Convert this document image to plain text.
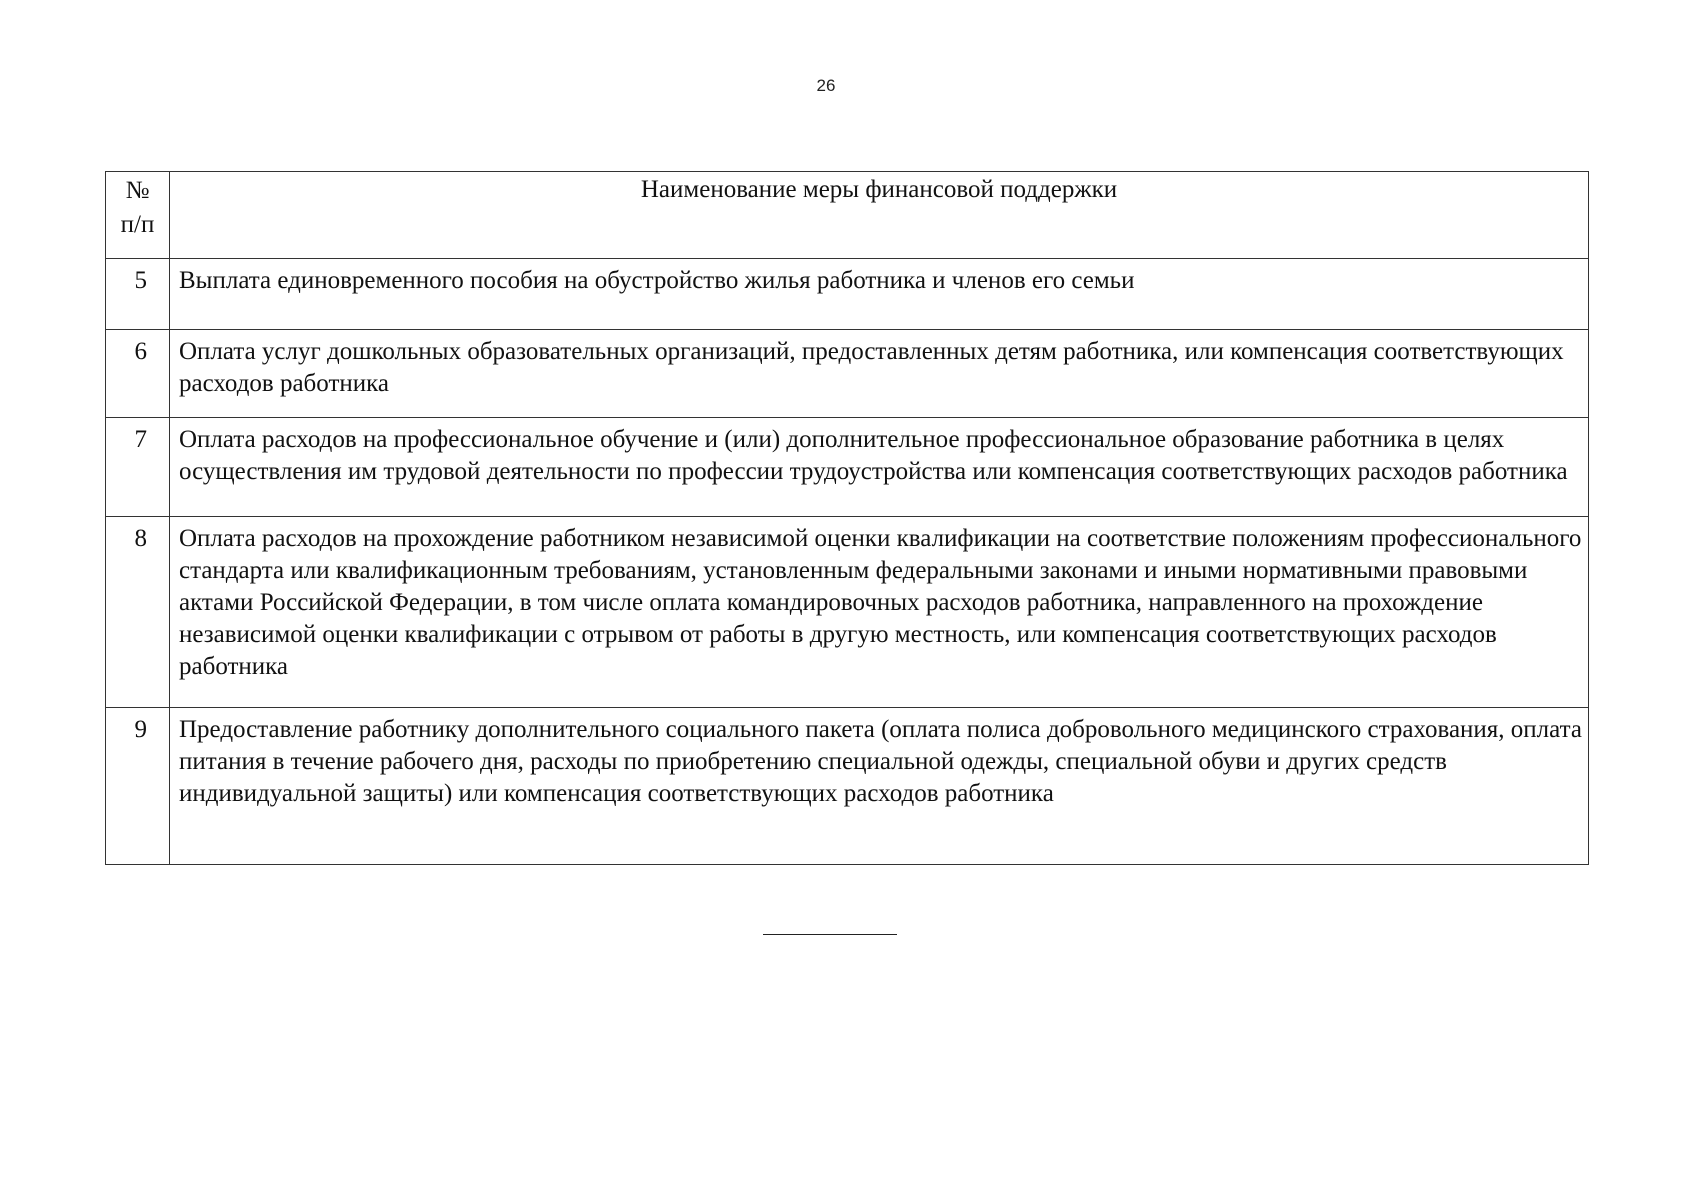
26
№
п/п	Наименование меры финансовой поддержки
5	Выплата единовременного пособия на обустройство жилья работника и членов его семьи
6	Оплата услуг дошкольных образовательных организаций, предоставленных детям работника, или компенсация соответствующих расходов работника
7	Оплата расходов на профессиональное обучение и (или) дополнительное профессиональное образование работника в целях осуществления им трудовой деятельности по профессии трудоустройства или компенсация соответствующих расходов работника
8	Оплата расходов на прохождение работником независимой оценки квалификации на соответствие положениям профессионального стандарта или квалификационным требованиям, установленным федеральными законами и иными нормативными правовыми актами Российской Федерации, в том числе оплата командировочных расходов работника, направленного на прохождение независимой оценки квалификации с отрывом от работы в другую местность, или компенсация соответствующих расходов работника
9	Предоставление работнику дополнительного социального пакета (оплата полиса добровольного медицинского страхования, оплата питания в течение рабочего дня, расходы по приобретению специальной одежды, специальной обуви и других средств индивидуальной защиты) или компенсация соответствующих расходов работника
